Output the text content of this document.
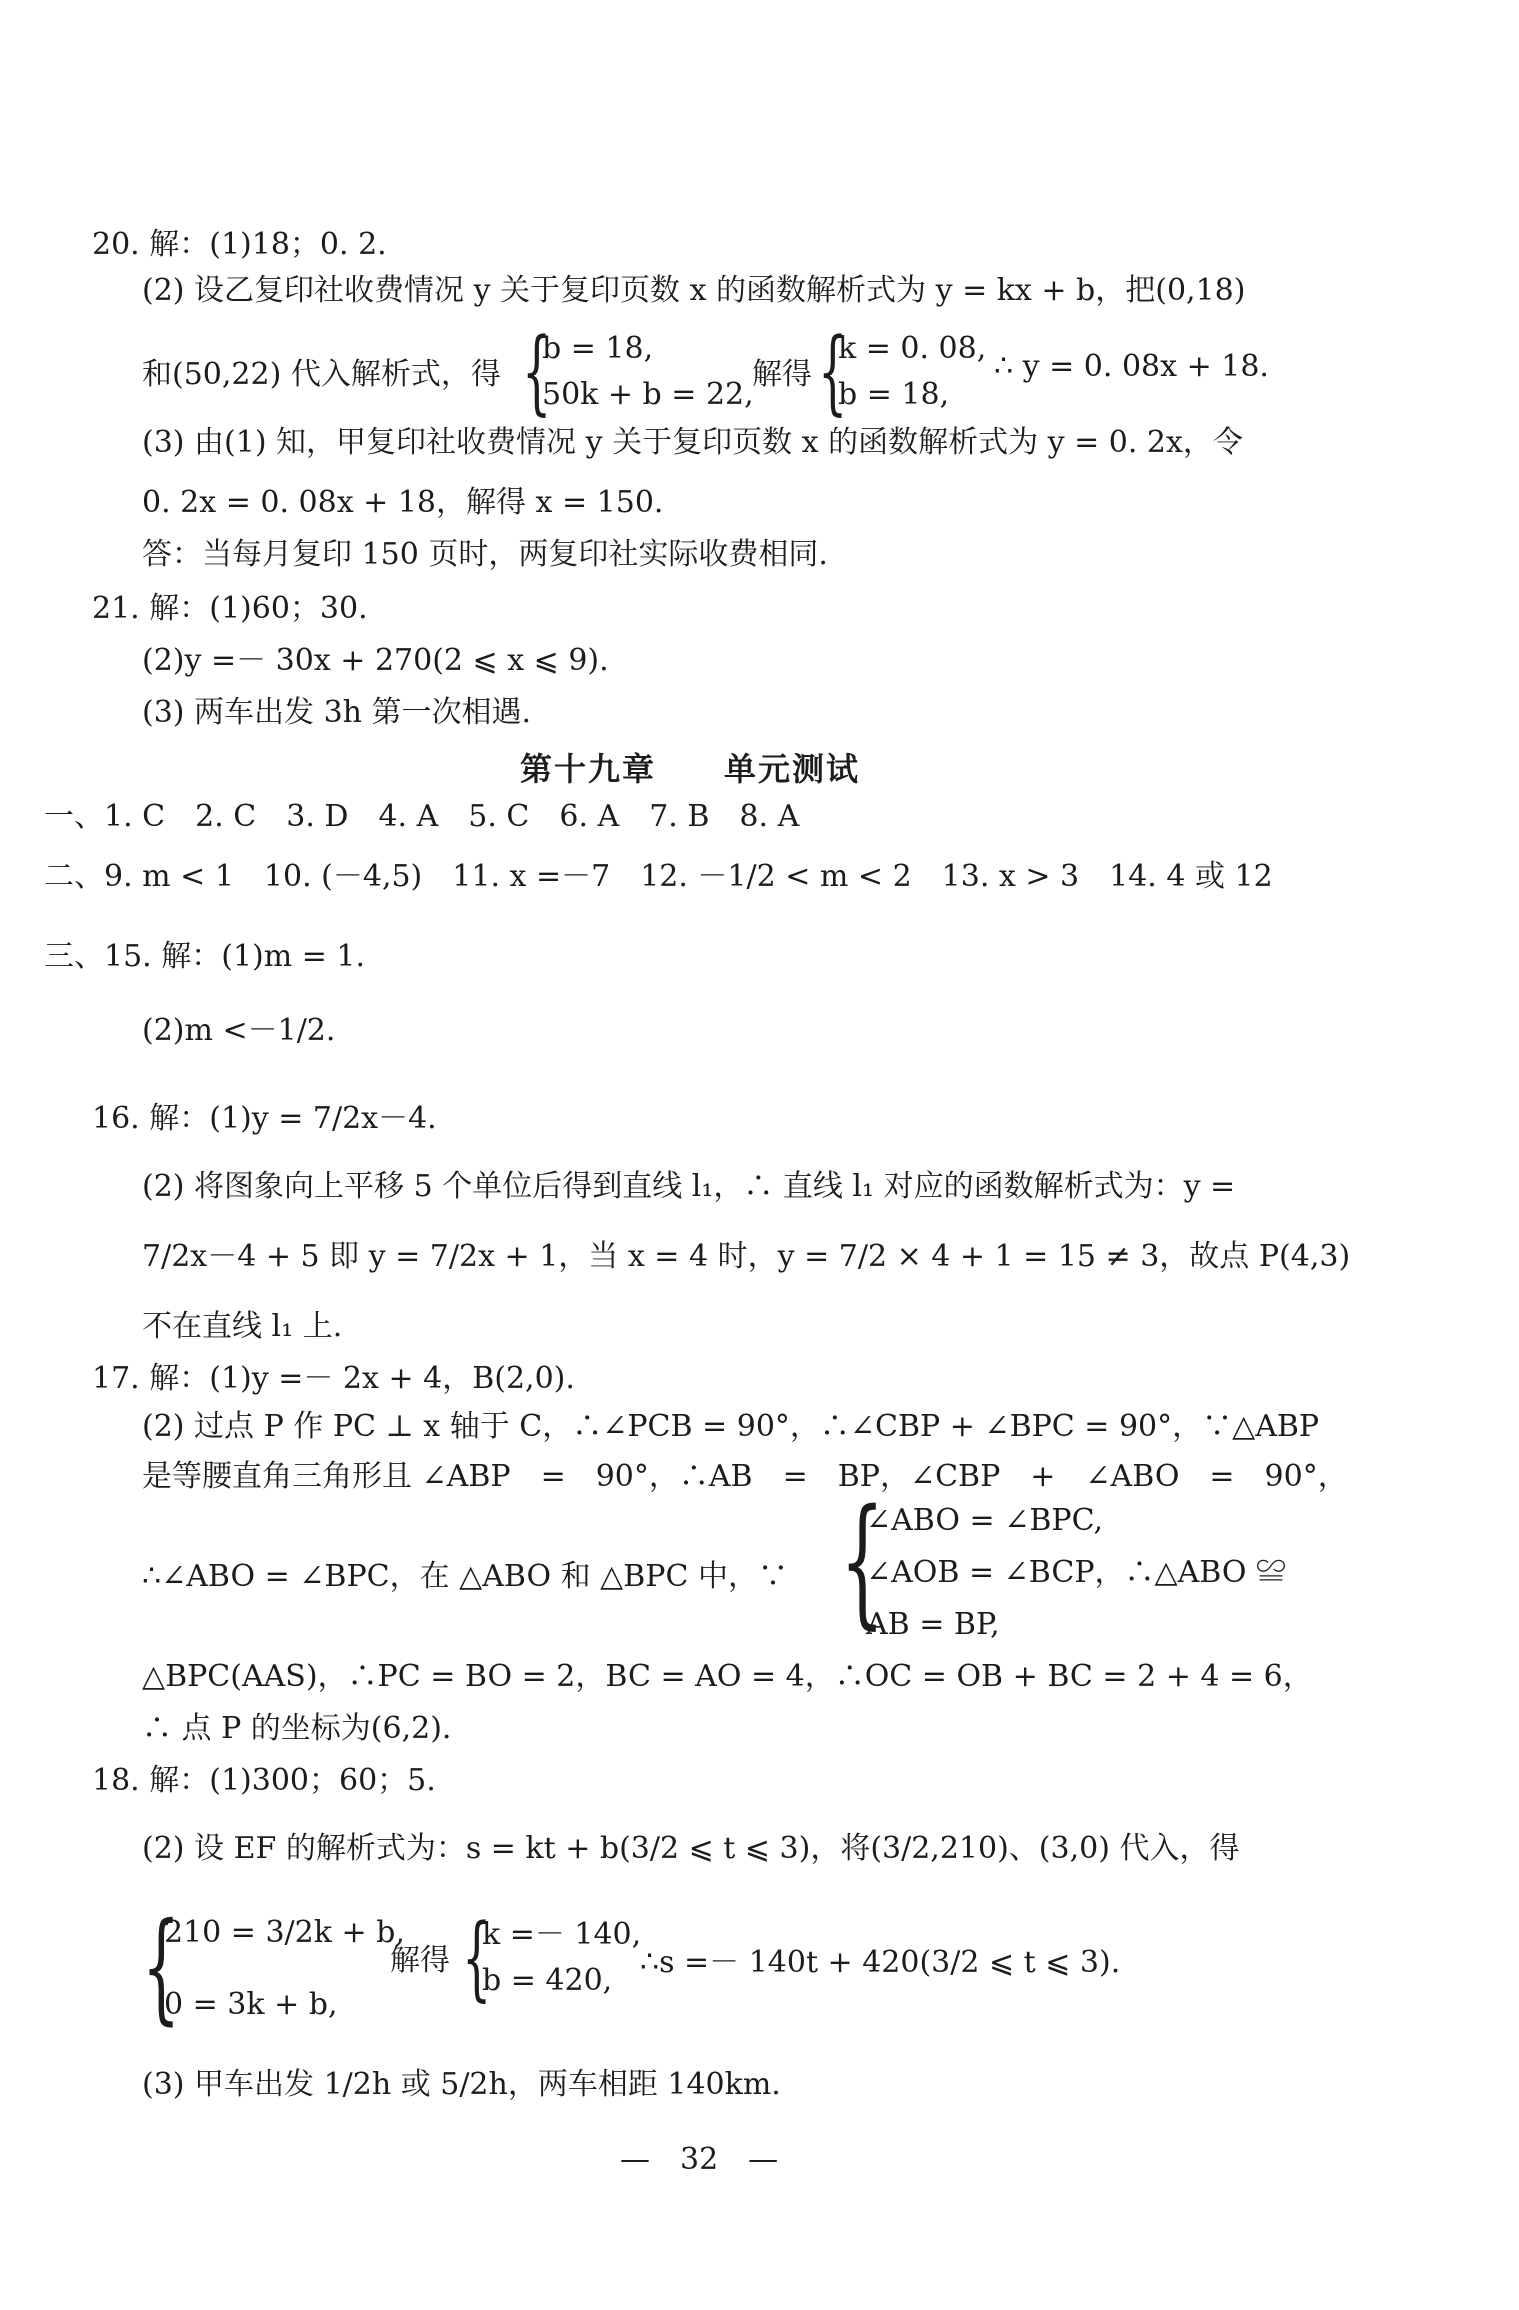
20. 解：(1)18；0. 2.
(2) 设乙复印社收费情况 y 关于复印页数 x 的函数解析式为 y = kx + b，把(0,18)
和(50,22) 代入解析式，得 {
b = 18,
50k + b = 22,
解得 {
k = 0. 08,
b = 18,
∴ y = 0. 08x + 18.
(3) 由(1) 知，甲复印社收费情况 y 关于复印页数 x 的函数解析式为 y = 0. 2x，令
0. 2x = 0. 08x + 18，解得 x = 150.
答：当每月复印 150 页时，两复印社实际收费相同.
21. 解：(1)60；30.
(2)y =－ 30x + 270(2 ⩽ x ⩽ 9).
(3) 两车出发 3h 第一次相遇.
第十九章　　单元测试
一、1. C　2. C　3. D　4. A　5. C　6. A　7. B　8. A
二、9. m < 1　10. (－4,5)　11. x =－7　12. －1/2 < m < 2　13. x > 3　14. 4 或 12
三、15. 解：(1)m = 1.
(2)m <－1/2.
16. 解：(1)y = 7/2x－4.
(2) 将图象向上平移 5 个单位后得到直线 l₁，∴ 直线 l₁ 对应的函数解析式为：y =
7/2x－4 + 5 即 y = 7/2x + 1，当 x = 4 时，y = 7/2 × 4 + 1 = 15 ≠ 3，故点 P(4,3)
不在直线 l₁ 上.
17. 解：(1)y =－ 2x + 4，B(2,0).
(2) 过点 P 作 PC ⊥ x 轴于 C，∴∠PCB = 90°，∴∠CBP + ∠BPC = 90°，∵△ABP
是等腰直角三角形且 ∠ABP　=　90°，∴AB　=　BP，∠CBP　+　∠ABO　=　90°，
∴∠ABO = ∠BPC，在 △ABO 和 △BPC 中，∵ {
∠ABO = ∠BPC,
∠AOB = ∠BCP，∴△ABO ≌
AB = BP,
△BPC(AAS)，∴PC = BO = 2，BC = AO = 4，∴OC = OB + BC = 2 + 4 = 6，
∴ 点 P 的坐标为(6,2).
18. 解：(1)300；60；5.
(2) 设 EF 的解析式为：s = kt + b(3/2 ⩽ t ⩽ 3)，将(3/2,210)、(3,0) 代入，得
{
210 = 3/2k + b,
0 = 3k + b,
解得 {
k =－ 140,
b = 420,
∴s =－ 140t + 420(3/2 ⩽ t ⩽ 3).
(3) 甲车出发 1/2h 或 5/2h，两车相距 140km.
—　32　—
